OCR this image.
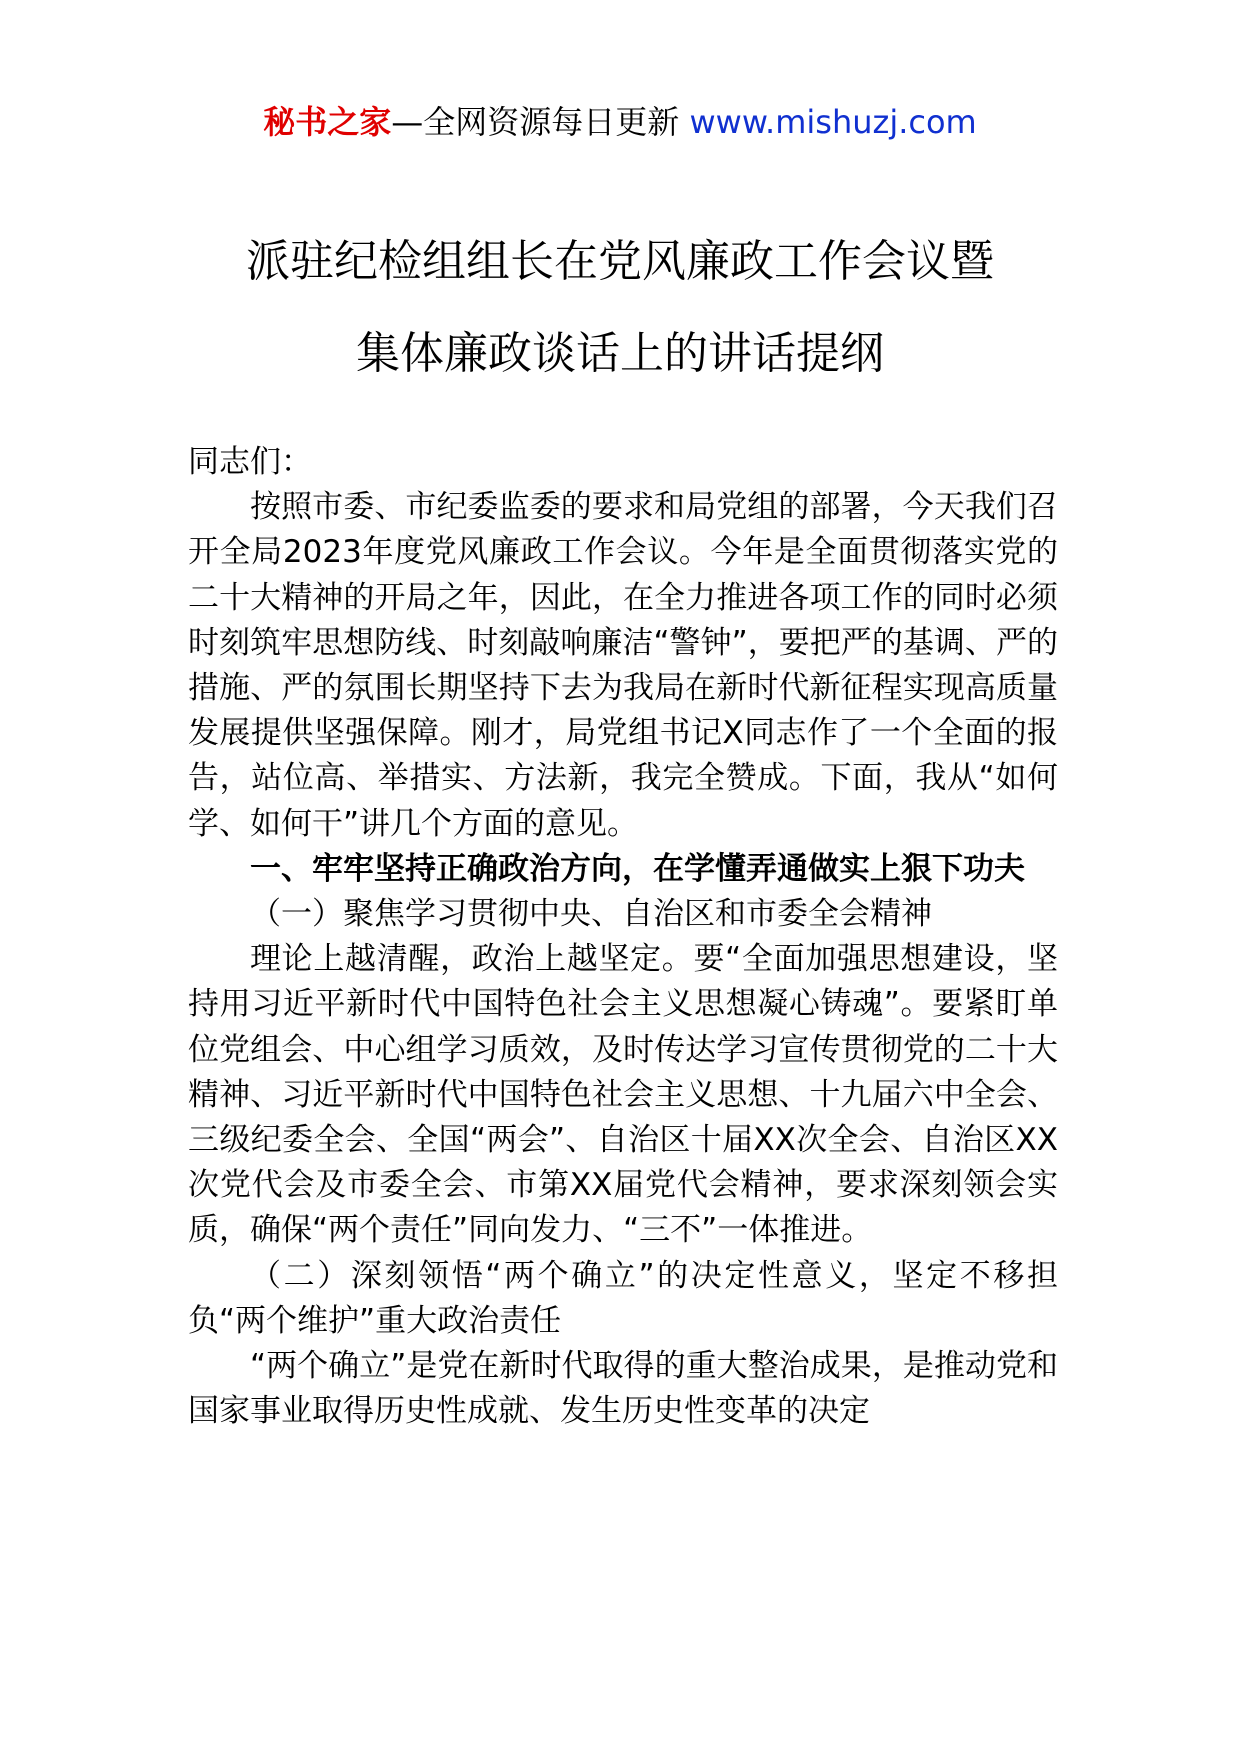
秘书之家—全网资源每日更新 www.mishuzj.com
派驻纪检组组长在党风廉政工作会议暨
集体廉政谈话上的讲话提纲

同志们：

按照市委、市纪委监委的要求和局党组的部署，今天我们召开全局2023年度党风廉政工作会议。今年是全面贯彻落实党的二十大精神的开局之年，因此，在全力推进各项工作的同时必须时刻筑牢思想防线、时刻敲响廉洁“警钟”，要把严的基调、严的措施、严的氛围长期坚持下去为我局在新时代新征程实现高质量发展提供坚强保障。刚才，局党组书记X同志作了一个全面的报告，站位高、举措实、方法新，我完全赞成。下面，我从“如何学、如何干”讲几个方面的意见。

一、牢牢坚持正确政治方向，在学懂弄通做实上狠下功夫

（一）聚焦学习贯彻中央、自治区和市委全会精神

理论上越清醒，政治上越坚定。要“全面加强思想建设，坚持用习近平新时代中国特色社会主义思想凝心铸魂”。要紧盯单位党组会、中心组学习质效，及时传达学习宣传贯彻党的二十大精神、习近平新时代中国特色社会主义思想、十九届六中全会、三级纪委全会、全国“两会”、自治区十届XX次全会、自治区XX次党代会及市委全会、市第XX届党代会精神，要求深刻领会实质，确保“两个责任”同向发力、“三不”一体推进。

（二）深刻领悟“两个确立”的决定性意义，坚定不移担负“两个维护”重大政治责任

“两个确立”是党在新时代取得的重大整治成果，是推动党和国家事业取得历史性成就、发生历史性变革的决定
